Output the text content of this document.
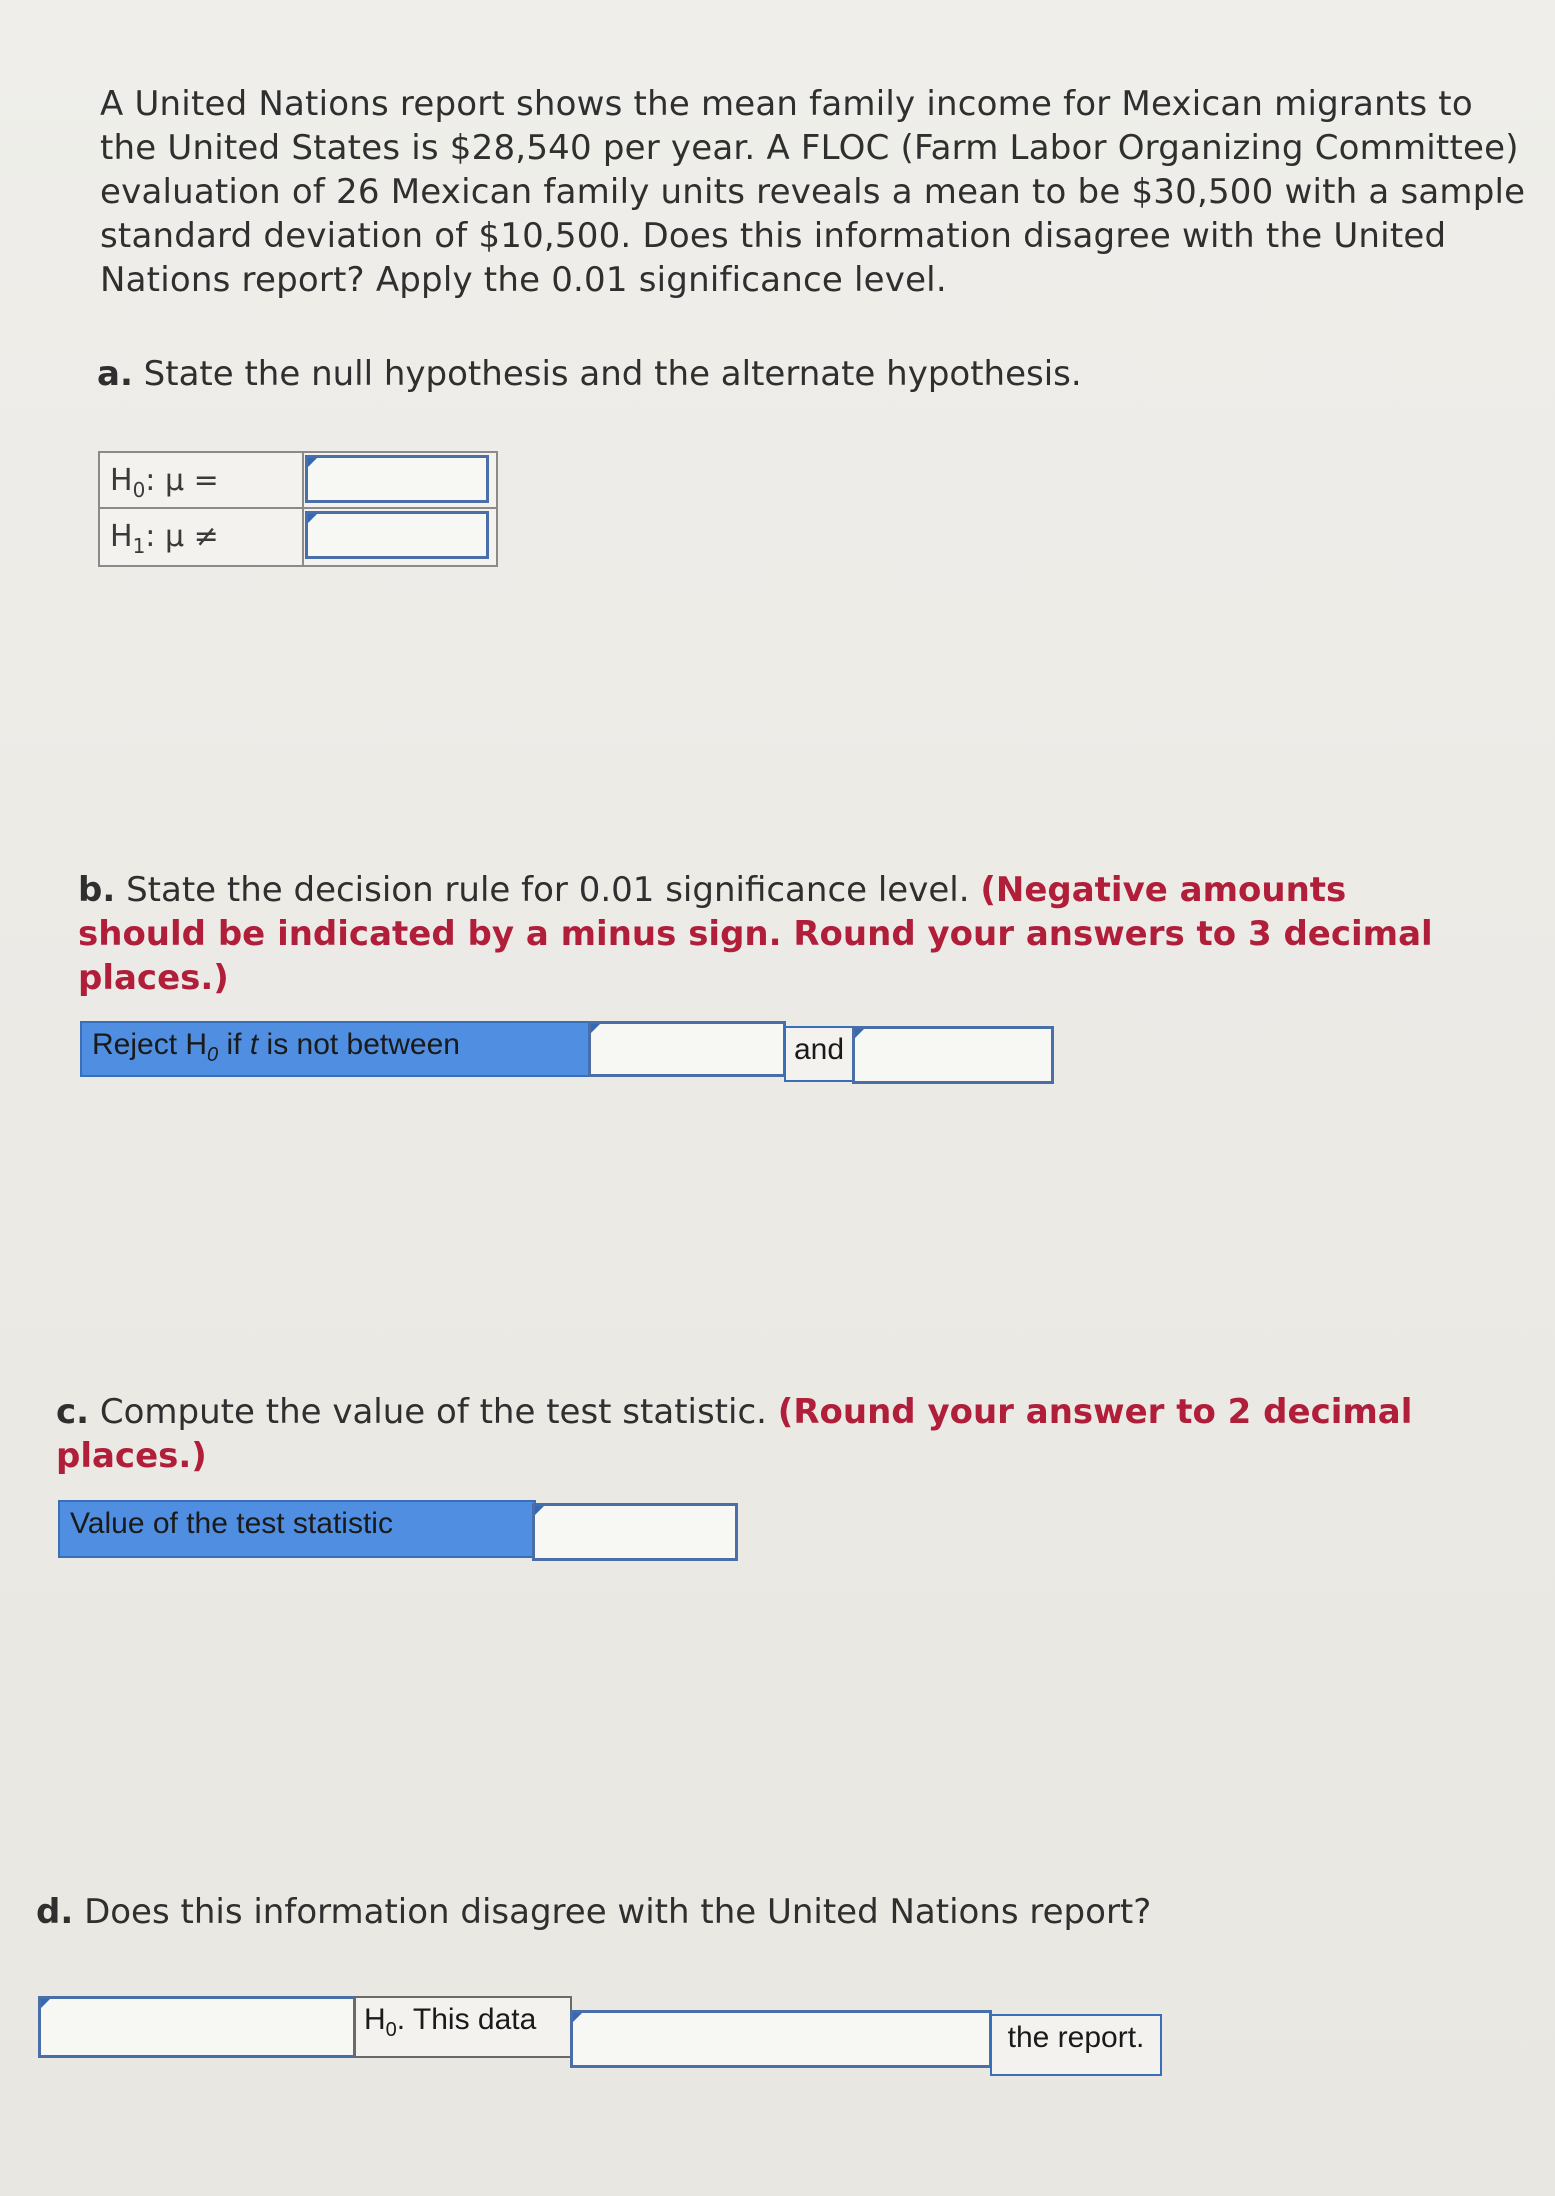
A United Nations report shows the mean family income for Mexican migrants to the United States is $28,540 per year. A FLOC (Farm Labor Organizing Committee) evaluation of 26 Mexican family units reveals a mean to be $30,500 with a sample standard deviation of $10,500. Does this information disagree with the United Nations report? Apply the 0.01 significance level.
a. State the null hypothesis and the alternate hypothesis.
$H_0$: μ =
$H_1$: μ ≠
b. State the decision rule for 0.01 significance level. (Negative amounts should be indicated by a minus sign. Round your answers to 3 decimal places.)
Reject $H_0$ if t is not between	and
c. Compute the value of the test statistic. (Round your answer to 2 decimal places.)
Value of the test statistic
d. Does this information disagree with the United Nations report?
$H_0$. This data
the report.
